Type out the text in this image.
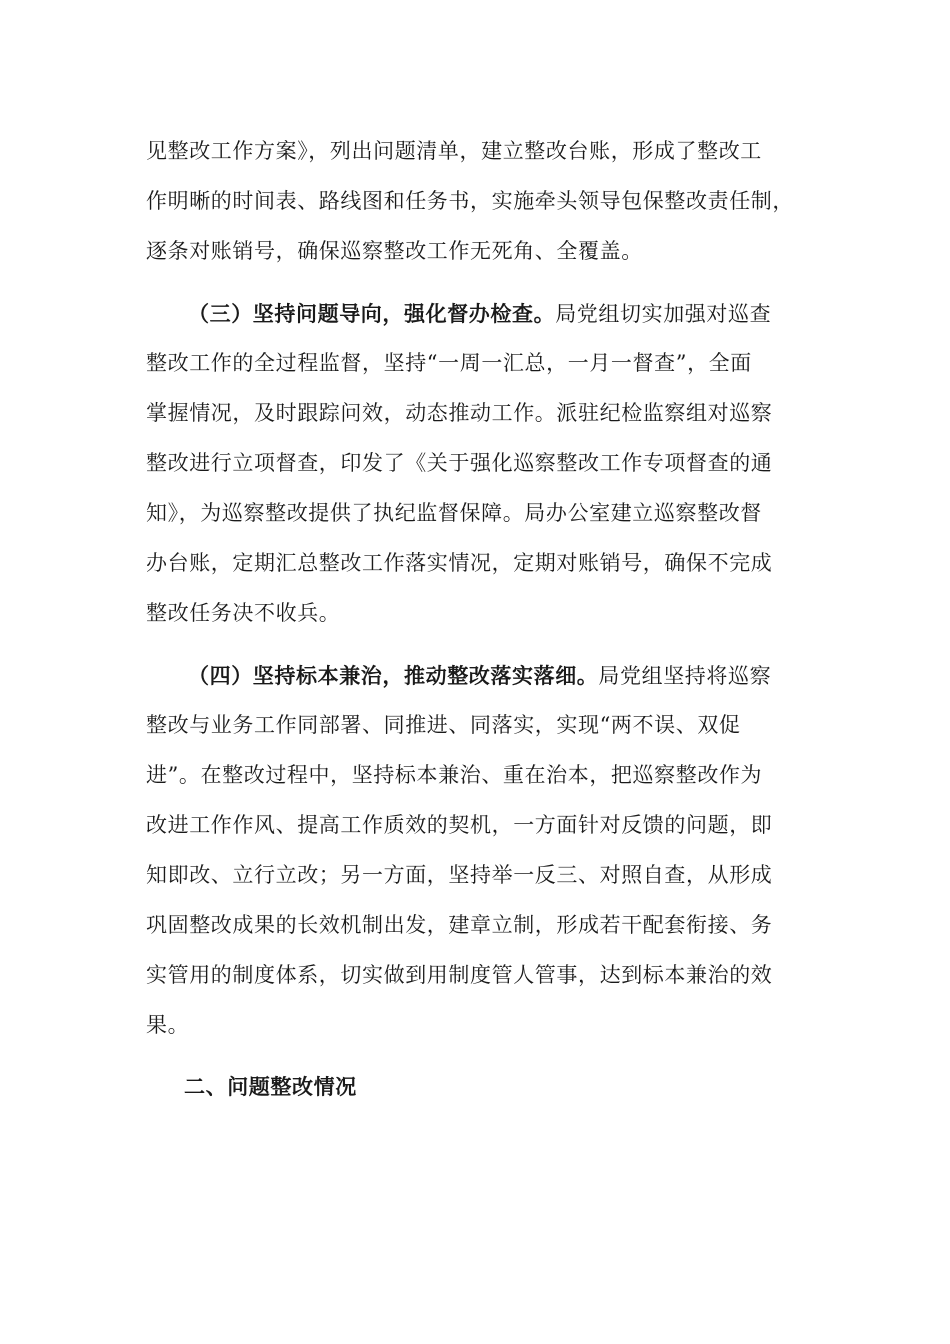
见整改工作方案》，列出问题清单，建立整改台账，形成了整改工
作明晰的时间表、路线图和任务书，实施牵头领导包保整改责任制，
逐条对账销号，确保巡察整改工作无死角、全覆盖。
（三）坚持问题导向，强化督办检查。局党组切实加强对巡查
整改工作的全过程监督，坚持“一周一汇总，一月一督查”，全面
掌握情况，及时跟踪问效，动态推动工作。派驻纪检监察组对巡察
整改进行立项督查，印发了《关于强化巡察整改工作专项督查的通
知》，为巡察整改提供了执纪监督保障。局办公室建立巡察整改督
办台账，定期汇总整改工作落实情况，定期对账销号，确保不完成
整改任务决不收兵。
（四）坚持标本兼治，推动整改落实落细。局党组坚持将巡察
整改与业务工作同部署、同推进、同落实，实现“两不误、双促
进”。在整改过程中，坚持标本兼治、重在治本，把巡察整改作为
改进工作作风、提高工作质效的契机，一方面针对反馈的问题，即
知即改、立行立改；另一方面，坚持举一反三、对照自查，从形成
巩固整改成果的长效机制出发，建章立制，形成若干配套衔接、务
实管用的制度体系，切实做到用制度管人管事，达到标本兼治的效
果。
二、问题整改情况
